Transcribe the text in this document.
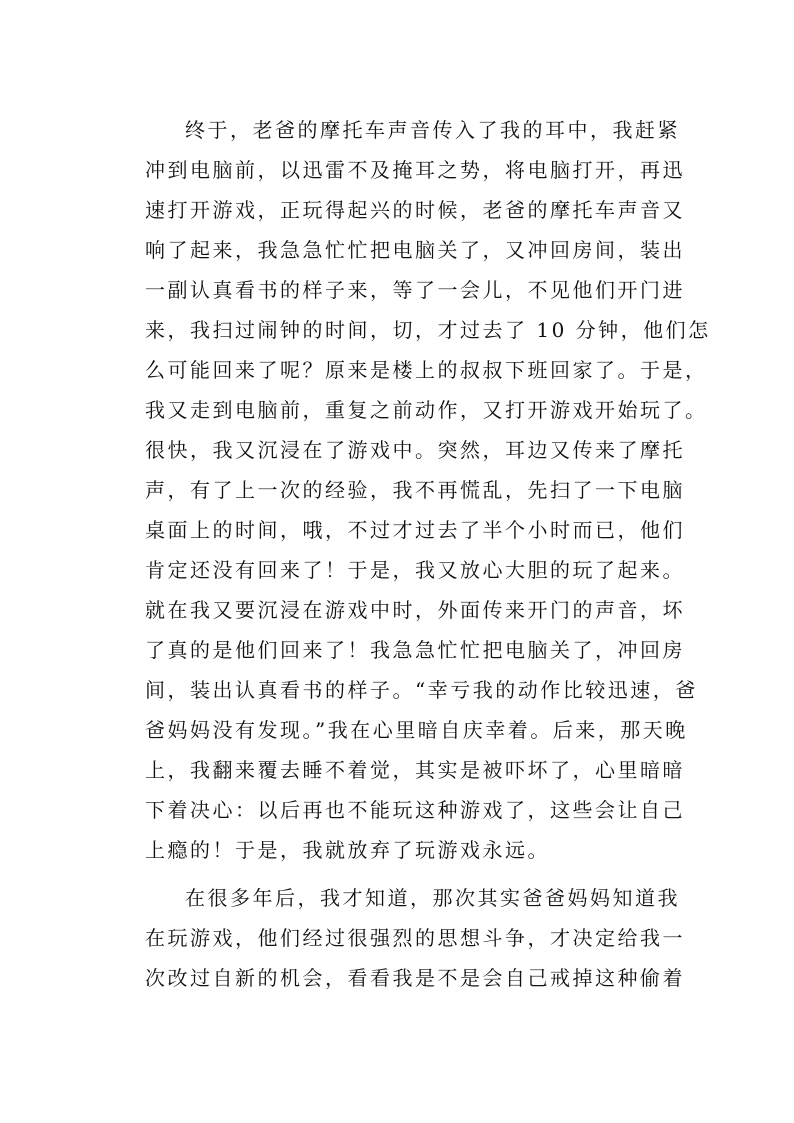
终于，老爸的摩托车声音传入了我的耳中，我赶紧
冲到电脑前，以迅雷不及掩耳之势，将电脑打开，再迅
速打开游戏，正玩得起兴的时候，老爸的摩托车声音又
响了起来，我急急忙忙把电脑关了，又冲回房间，装出
一副认真看书的样子来，等了一会儿，不见他们开门进
来，我扫过闹钟的时间，切，才过去了 10 分钟，他们怎
么可能回来了呢？原来是楼上的叔叔下班回家了。于是，
我又走到电脑前，重复之前动作，又打开游戏开始玩了。
很快，我又沉浸在了游戏中。突然，耳边又传来了摩托
声，有了上一次的经验，我不再慌乱，先扫了一下电脑
桌面上的时间，哦，不过才过去了半个小时而已，他们
肯定还没有回来了！于是，我又放心大胆的玩了起来。
就在我又要沉浸在游戏中时，外面传来开门的声音，坏
了真的是他们回来了！我急急忙忙把电脑关了，冲回房
间，装出认真看书的样子。“幸亏我的动作比较迅速，爸
爸妈妈没有发现。”我在心里暗自庆幸着。后来，那天晚
上，我翻来覆去睡不着觉，其实是被吓坏了，心里暗暗
下着决心：以后再也不能玩这种游戏了，这些会让自己
上瘾的！于是，我就放弃了玩游戏永远。
在很多年后，我才知道，那次其实爸爸妈妈知道我
在玩游戏，他们经过很强烈的思想斗争，才决定给我一
次改过自新的机会，看看我是不是会自己戒掉这种偷着
